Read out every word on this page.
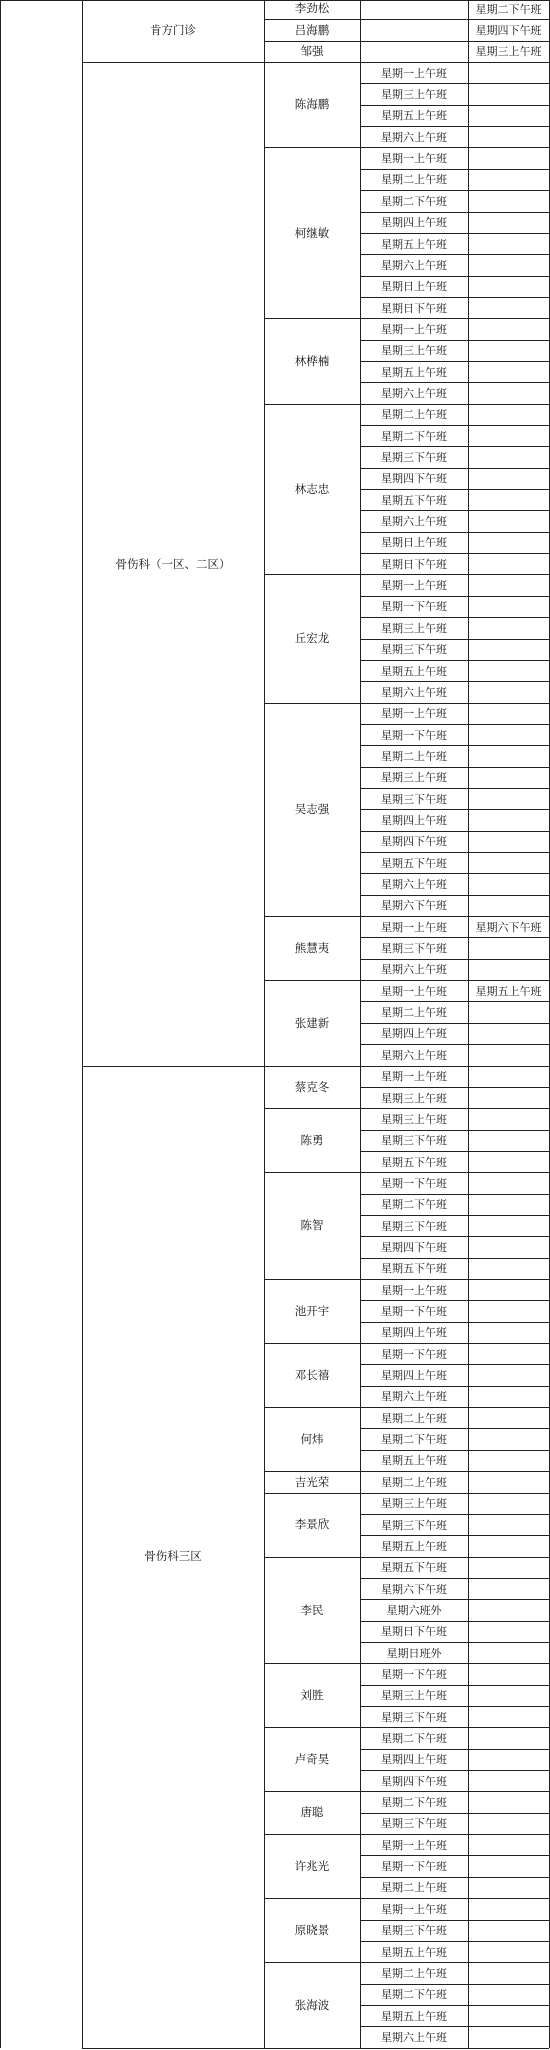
星期二下午班
李劲松
星期四下午班
吕海鹏
星期三上午班
邹强
肯方门诊
星期一上午班
星期三上午班
星期五上午班
星期六上午班
陈海鹏
星期一上午班
星期二上午班
星期二下午班
星期四上午班
星期五上午班
星期六上午班
星期日上午班
星期日下午班
柯继敏
星期一上午班
星期三上午班
星期五上午班
星期六上午班
林桦楠
星期二上午班
星期二下午班
星期三下午班
星期四下午班
星期五下午班
星期六上午班
星期日上午班
星期日下午班
林志忠
星期一上午班
星期一下午班
星期三上午班
星期三下午班
星期五上午班
星期六上午班
丘宏龙
星期一上午班
星期一下午班
星期二上午班
星期三上午班
星期三下午班
星期四上午班
星期四下午班
星期五下午班
星期六上午班
星期六下午班
吴志强
星期一上午班	星期六下午班
星期三下午班
星期六上午班
熊慧夷
星期一上午班	星期五上午班
星期二上午班
星期四上午班
星期六上午班
张建新
骨伤科（一区、二区）
星期一上午班
星期三上午班
蔡克冬
星期三上午班
星期三下午班
星期五下午班
陈勇
星期一下午班
星期二下午班
星期三下午班
星期四下午班
星期五下午班
陈智
星期一上午班
星期一下午班
星期四上午班
池开宇
星期一下午班
星期四上午班
星期六上午班
邓长禧
星期二上午班
星期二下午班
星期五上午班
何炜
星期二上午班
吉光荣
星期三上午班
星期三下午班
星期五上午班
李景欣
星期五下午班
星期六下午班
星期六班外
星期日下午班
星期日班外
李民
星期一下午班
星期三上午班
星期三下午班
刘胜
星期二下午班
星期四上午班
星期四下午班
卢奇昊
星期二下午班
星期三下午班
唐聪
星期一上午班
星期一下午班
星期二上午班
许兆光
星期一上午班
星期三下午班
星期五上午班
原晓景
星期二上午班
星期二下午班
星期五上午班
星期六上午班
张海波
骨伤科三区
